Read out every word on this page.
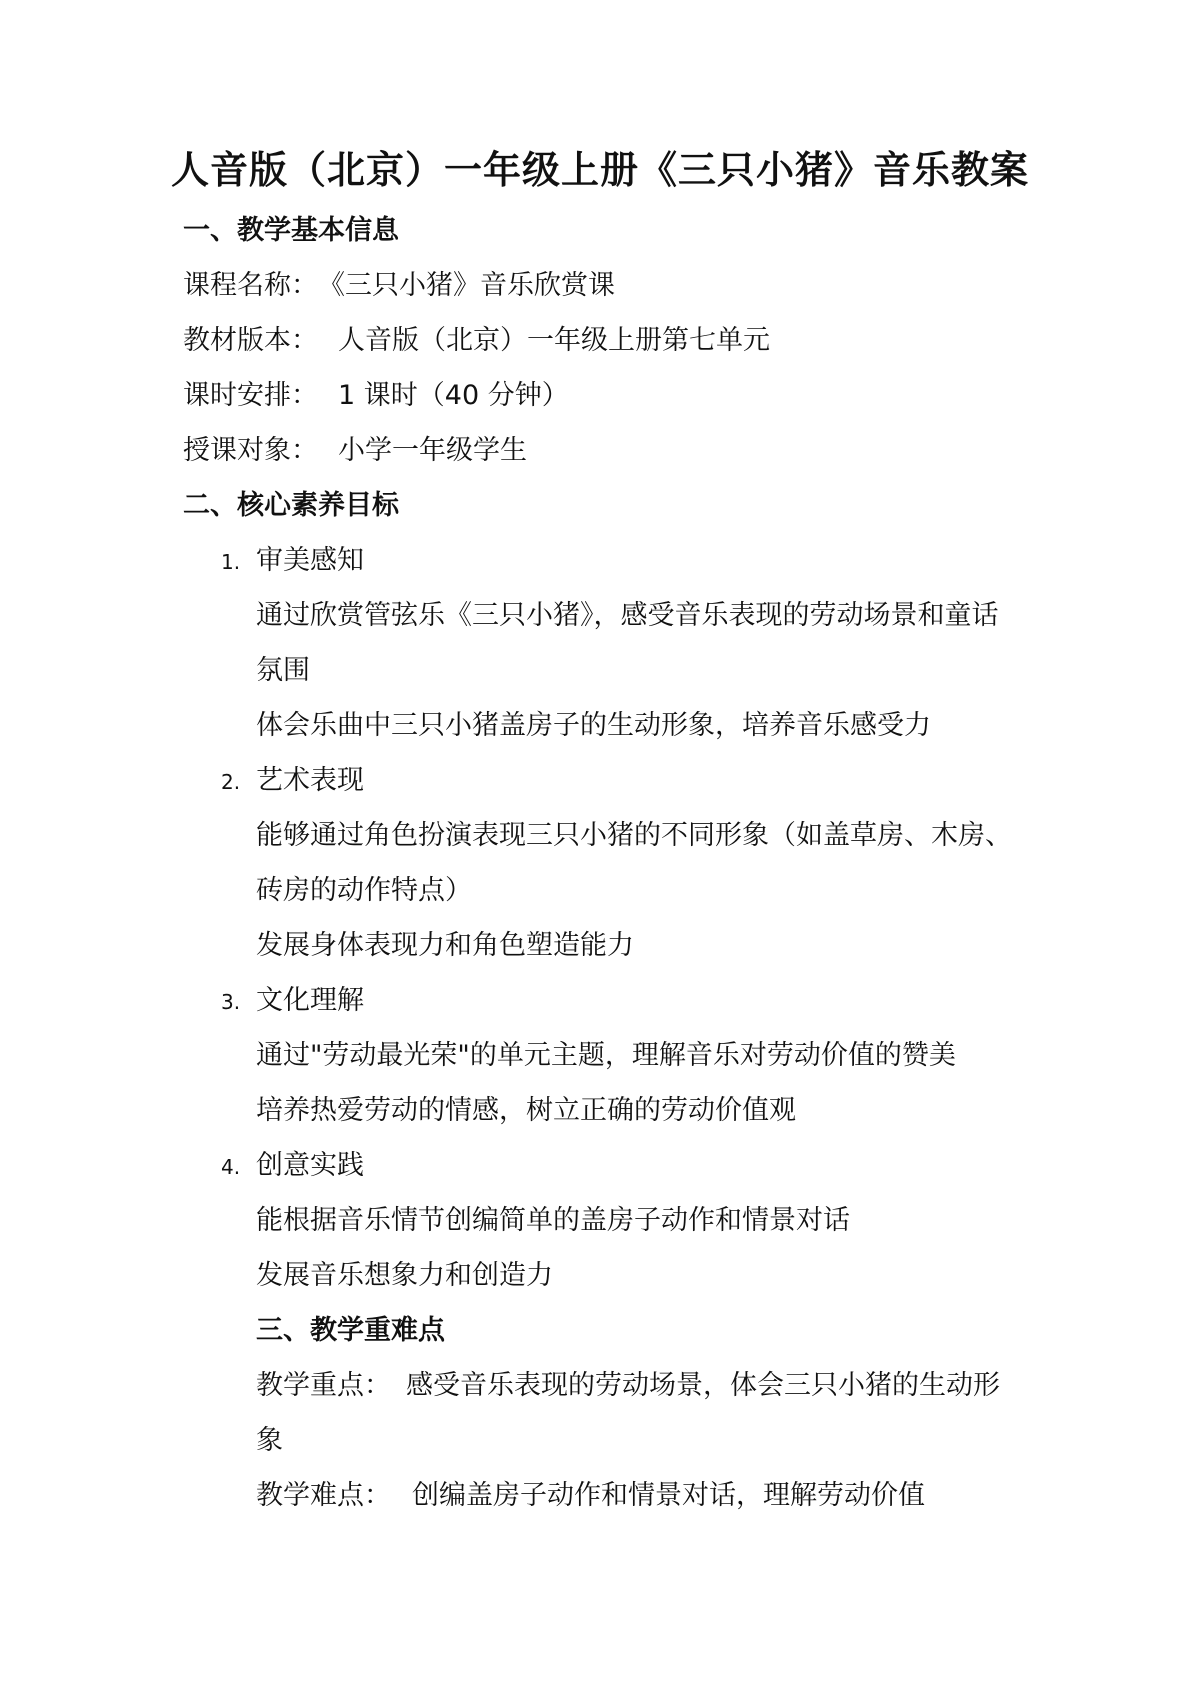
人音版（北京）一年级上册《三只小猪》音乐教案
一、教学基本信息
课程名称：《三只小猪》音乐欣赏课
教材版本： 人音版（北京）一年级上册第七单元
课时安排： 1 课时（40 分钟）
授课对象： 小学一年级学生
二、核心素养目标
1. 审美感知
通过欣赏管弦乐《三只小猪》，感受音乐表现的劳动场景和童话
氛围
体会乐曲中三只小猪盖房子的生动形象，培养音乐感受力
2. 艺术表现
能够通过角色扮演表现三只小猪的不同形象（如盖草房、木房、
砖房的动作特点）
发展身体表现力和角色塑造能力
3. 文化理解
通过"劳动最光荣"的单元主题，理解音乐对劳动价值的赞美
培养热爱劳动的情感，树立正确的劳动价值观
4. 创意实践
能根据音乐情节创编简单的盖房子动作和情景对话
发展音乐想象力和创造力
三、教学重难点
教学重点： 感受音乐表现的劳动场景，体会三只小猪的生动形
象
教学难点： 创编盖房子动作和情景对话，理解劳动价值
